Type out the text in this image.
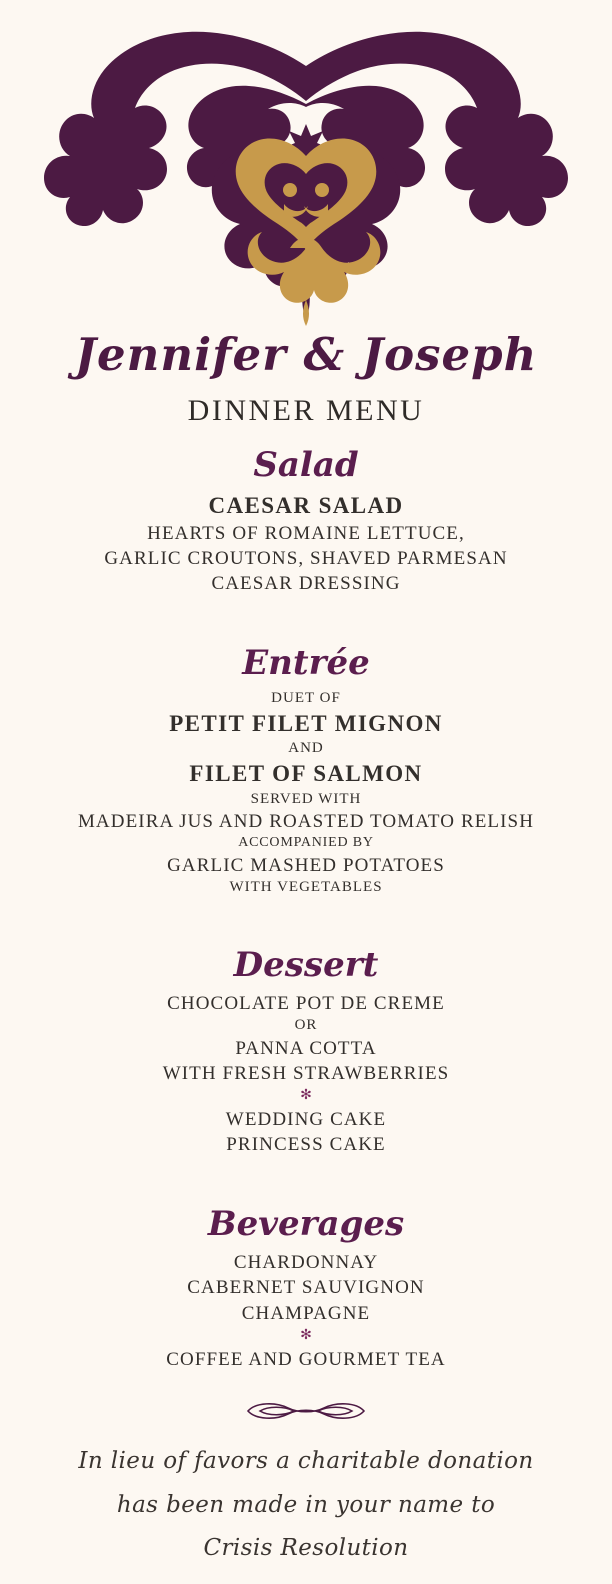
Jennifer & Joseph
DINNER MENU
Salad
CAESAR SALAD
HEARTS OF ROMAINE LETTUCE,
GARLIC CROUTONS, SHAVED PARMESAN
CAESAR DRESSING
Entrée
DUET OF
PETIT FILET MIGNON
AND
FILET OF SALMON
SERVED WITH
MADEIRA JUS AND ROASTED TOMATO RELISH
ACCOMPANIED BY
GARLIC MASHED POTATOES
WITH VEGETABLES
Dessert
CHOCOLATE POT DE CREME
OR
PANNA COTTA
WITH FRESH STRAWBERRIES
✻
WEDDING CAKE
PRINCESS CAKE
Beverages
CHARDONNAY
CABERNET SAUVIGNON
CHAMPAGNE
✻
COFFEE AND GOURMET TEA
In lieu of favors a charitable donation
has been made in your name to
Crisis Resolution
